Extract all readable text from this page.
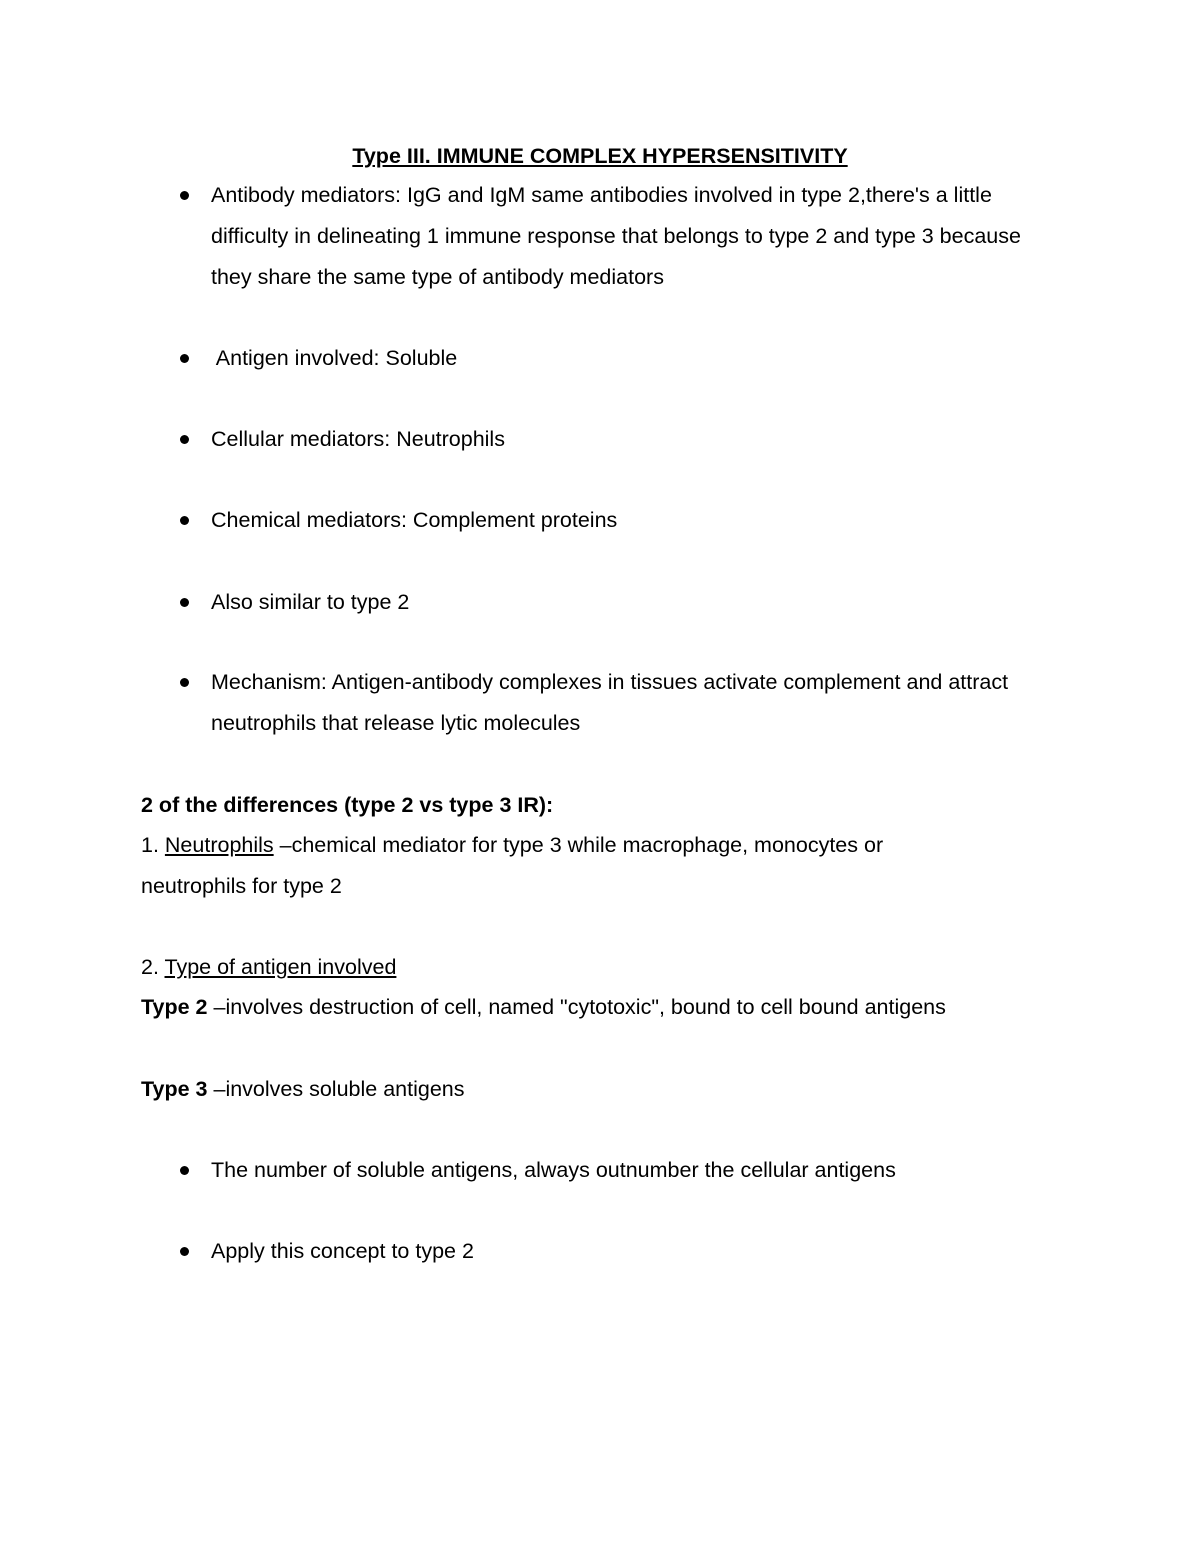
Type III. IMMUNE COMPLEX HYPERSENSITIVITY
Antibody mediators: IgG and IgM same antibodies involved in type 2,there's a little difficulty in delineating 1 immune response that belongs to type 2 and type 3 because they share the same type of antibody mediators
Antigen involved: Soluble
Cellular mediators: Neutrophils
Chemical mediators: Complement proteins
Also similar to type 2
Mechanism: Antigen-antibody complexes in tissues activate complement and attract neutrophils that release lytic molecules

2 of the differences (type 2 vs type 3 IR):

1. Neutrophils –chemical mediator for type 3 while macrophage, monocytes or neutrophils for type 2

2. Type of antigen involved

Type 2 –involves destruction of cell, named "cytotoxic", bound to cell bound antigens

Type 3 –involves soluble antigens

The number of soluble antigens, always outnumber the cellular antigens
Apply this concept to type 2
